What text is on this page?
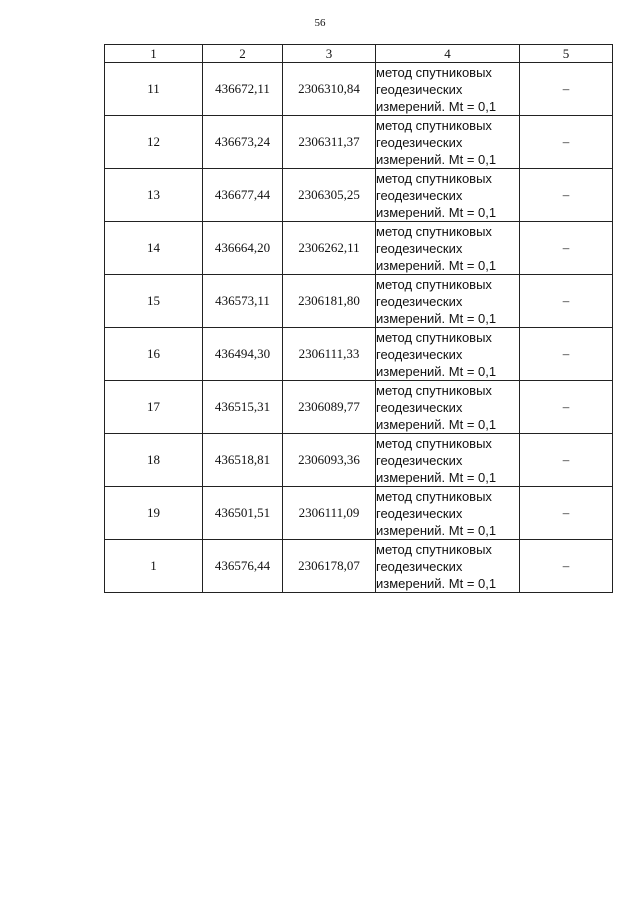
56
1	2	3	4	5
11	436672,11	2306310,84	метод спутниковых
геодезических
измерений. Mt = 0,1	–
12	436673,24	2306311,37	метод спутниковых
геодезических
измерений. Mt = 0,1	–
13	436677,44	2306305,25	метод спутниковых
геодезических
измерений. Mt = 0,1	–
14	436664,20	2306262,11	метод спутниковых
геодезических
измерений. Mt = 0,1	–
15	436573,11	2306181,80	метод спутниковых
геодезических
измерений. Mt = 0,1	–
16	436494,30	2306111,33	метод спутниковых
геодезических
измерений. Mt = 0,1	–
17	436515,31	2306089,77	метод спутниковых
геодезических
измерений. Mt = 0,1	–
18	436518,81	2306093,36	метод спутниковых
геодезических
измерений. Mt = 0,1	–
19	436501,51	2306111,09	метод спутниковых
геодезических
измерений. Mt = 0,1	–
1	436576,44	2306178,07	метод спутниковых
геодезических
измерений. Mt = 0,1	–
